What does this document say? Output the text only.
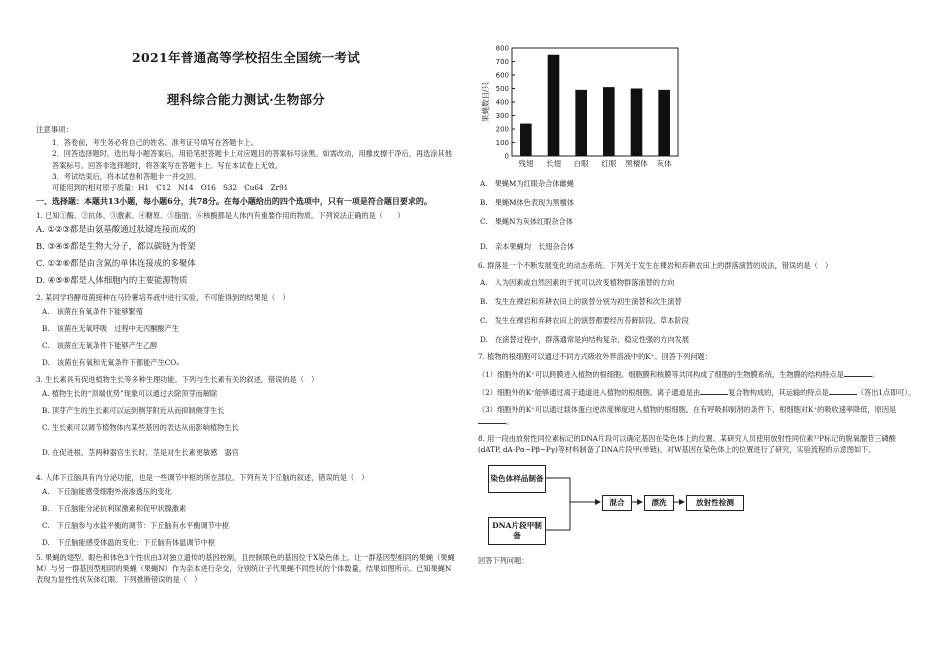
2021年普通高等学校招生全国统一考试
理科综合能力测试·生物部分
注意事项：

1．答卷前，考生务必将自己的姓名、准考证号填写在答题卡上。

2．回答选择题时，选出每小题答案后，用铅笔把答题卡上对应题目的答案标号涂黑。如需改动，用橡皮擦干净后，再选涂其他答案标号。回答非选择题时，将答案写在答题卡上。写在本试卷上无效。

3．考试结束后，将本试卷和答题卡一并交回。

可能用到的相对原子质量：H1　C12　N14　O16　S32　Cu64　Zr91

一、选择题：本题共13小题，每小题6分，共78分。在每小题给出的四个选项中，只有一项是符合题目要求的。
1. 已知①酶、②抗体、③激素、④糖原、⑤脂肪、⑥核酸都是人体内有重要作用的物质。下列说法正确的是（　　）
A. ①②③都是由氨基酸通过肽键连接而成的
B. ③④⑤都是生物大分子，都以碳链为骨架
C. ①②⑥都是由含氮的单体连接成的多聚体
D. ④⑤⑥都是人体细胞内的主要能源物质
2. 某同学将酵母菌接种在马铃薯培养液中进行实验，不可能得到的结果是（　）
A.　该菌在有氧条件下能够繁殖
B.　该菌在无氧呼吸　过程中无丙酮酸产生
C.　该菌在无氧条件下能够产生乙醇
D.　该菌在有氧和无氧条件下都能产生CO₂
3. 生长素具有促进植物生长等多种生理功能。下列与生长素有关的叙述，错误的是（　）
A. 植物生长的“顶端优势”现象可以通过去除顶芽而解除
B. 顶芽产生的生长素可以运到侧芽附近从而抑制侧芽生长
C. 生长素可以调节植物体内某些基因的表达从而影响植物生长
D. 在促进根、茎两种器官生长时，茎是对生长素更敏感　器官
4. 人体下丘脑具有内分泌功能，也是一些调节中枢的所在部位。下列有关下丘脑的叙述，错误的是（　）
A.　下丘脑能感受细胞外液渗透压的变化
B.　下丘脑能分泌抗利尿激素和促甲状腺激素
C.　下丘脑参与水盐平衡的调节：下丘脑有水平衡调节中枢
D.　下丘脑能感受体温的变化：下丘脑有体温调节中枢
5. 果蝇的翅型、眼色和体色3个性状由3对独立遗传的基因控制，且控制眼色的基因位于X染色体上。让一群基因型相同的果蝇（果蝇M）与另一群基因型相同的果蝇（果蝇N）作为亲本进行杂交，分别统计子代果蝇不同性状的个体数量，结果如图所示。已知果蝇N表现为显性性状灰体红眼。下列推断错误的是（　）
0
100
200
300
400
500
600
700
800
果蝇数目/只
残翅 长翅 白眼 红眼 黑檀体 灰体
A.　果蝇M为红眼杂合体雌蝇
B.　果蝇M体色表现为黑檀体
C.　果蝇N为灰体红眼杂合体
D.　亲本果蝇均　长翅杂合体
6. 群落是一个不断发展变化的动态系统。下列关于发生在裸岩和弃耕农田上的群落演替的说法，错误的是（　）
A.　人为因素或自然因素的干扰可以改变植物群落演替的方向
B.　发生在裸岩和弃耕农田上的演替分别为初生演替和次生演替
C.　发生在裸岩和弃耕农田上的演替都要经历苔藓阶段、草本阶段
D.　在演替过程中，群落通常是向结构复杂、稳定性强的方向发展
7. 植物的根细胞可以通过不同方式吸收外界溶液中的K⁺。回答下列问题：
（1）细胞外的K⁺可以跨膜进入植物的根细胞。细胞膜和核膜等共同构成了细胞的生物膜系统，生物膜的结构特点是	。
（2）细胞外的K⁺能够通过离子通道进入植物的根细胞。离子通道是由	复合物构成的，其运输的特点是	（答出1点即可）。
（3）细胞外的K⁺可以通过载体蛋白逆浓度梯度进入植物的根细胞。在有呼吸抑制剂的条件下，根细胞对K⁺的吸收速率降低，原因是。
8. 用一段由放射性同位素标记的DNA片段可以确定基因在染色体上的位置。某研究人员使用放射性同位素³²P标记的脱氧腺苷三磷酸(dATP, dA-Pα~Pβ~Pγ)等材料制备了DNA片段甲(单链)，对W基因在染色体上的位置进行了研究，实验流程的示意图如下。
染色体样品制备
DNA片段甲制备
混合	漂洗	放射性检测
回答下列问题：
